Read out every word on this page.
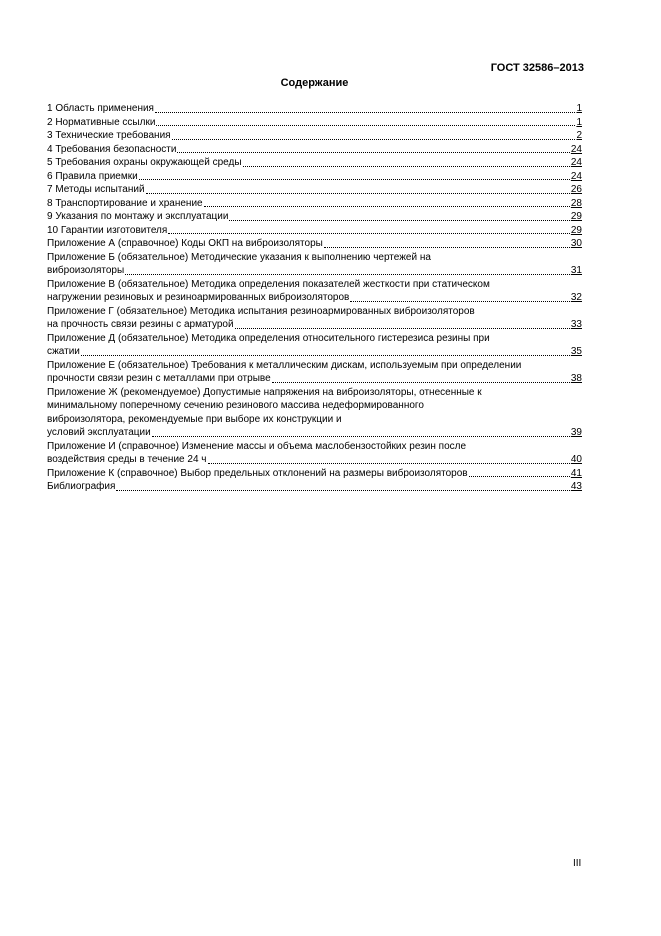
ГОСТ 32586–2013
Содержание
1 Область применения	1
2 Нормативные ссылки	1
3 Технические требования	2
4 Требования безопасности	24
5 Требования охраны окружающей среды	24
6 Правила приемки	24
7 Методы испытаний	26
8 Транспортирование и хранение	28
9 Указания по монтажу и эксплуатации	29
10 Гарантии изготовителя	29
Приложение А (справочное) Коды ОКП на виброизоляторы	30
Приложение Б (обязательное) Методические указания к выполнению чертежей на
виброизоляторы	31
Приложение В (обязательное) Методика определения показателей жесткости при статическом
нагружении резиновых и резиноармированных виброизоляторов	32
Приложение Г (обязательное) Методика испытания резиноармированных виброизоляторов
на прочность связи резины с арматурой	33
Приложение Д (обязательное) Методика определения относительного гистерезиса резины при
сжатии	35
Приложение Е (обязательное) Требования к металлическим дискам, используемым при определении
прочности связи резин с металлами при отрыве	38
Приложение Ж (рекомендуемое) Допустимые напряжения на виброизоляторы, отнесенные к
минимальному поперечному сечению резинового массива недеформированного
виброизолятора, рекомендуемые при выборе их конструкции и
условий эксплуатации	39
Приложение И (справочное) Изменение массы и объема маслобензостойких резин после
воздействия среды в течение 24 ч	40
Приложение К (справочное) Выбор предельных отклонений на размеры виброизоляторов	41
Библиография	43
III
